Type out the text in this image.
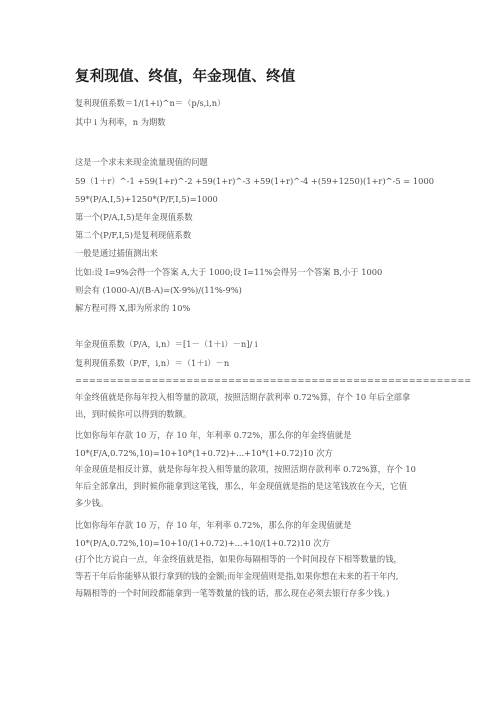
复利现值、终值，年金现值、终值
复利现值系数＝1/(1+i)^n＝（p/s,i,n）
其中 i 为利率，n 为期数
这是一个求未来现金流量现值的问题
59（1＋r）^-1 +59(1+r)^-2 +59(1+r)^-3 +59(1+r)^-4 +(59+1250)(1+r)^-5 = 1000
59*(P/A,I,5)+1250*(P/F,I,5)=1000
第一个(P/A,I,5)是年金现值系数
第二个(P/F,I,5)是复利现值系数
一般是通过插值测出来
比如:设 I=9%会得一个答案 A,大于 1000;设 I=11%会得另一个答案 B,小于 1000
则会有 (1000-A)/(B-A)=(X-9%)/(11%-9%)
解方程可得 X,即为所求的 10%
年金现值系数（P/A，i,n）＝[1－（1＋i）－n]/ i
复利现值系数（P/F，i,n）＝（1＋i）－n
=========================================================
年金终值就是你每年投入相等量的款项，按照活期存款利率 0.72%算，存个 10 年后全部拿
出，到时候你可以得到的数额。
比如你每年存款 10 万，存 10 年，年利率 0.72%，那么你的年金终值就是
10*(F/A,0.72%,10)=10+10*(1+0.72)+...+10*(1+0.72)10 次方
年金现值是相反计算，就是你每年投入相等量的款项，按照活期存款利率 0.72%算，存个 10
年后全部拿出，到时候你能拿到这笔钱，那么，年金现值就是指的是这笔钱放在今天，它值
多少钱。
比如你每年存款 10 万，存 10 年，年利率 0.72%，那么你的年金现值就是
10*(P/A,0.72%,10)=10+10/(1+0.72)+...+10/(1+0.72)10 次方
(打个比方说白一点，年金终值就是指，如果你每隔相等的一个时间段存下相等数量的钱，
等若干年后你能够从银行拿到的钱的金额;而年金现值则是指,如果你想在未来的若干年内,
每隔相等的一个时间段都能拿到一笔等数量的钱的话，那么现在必须去银行存多少钱。)
